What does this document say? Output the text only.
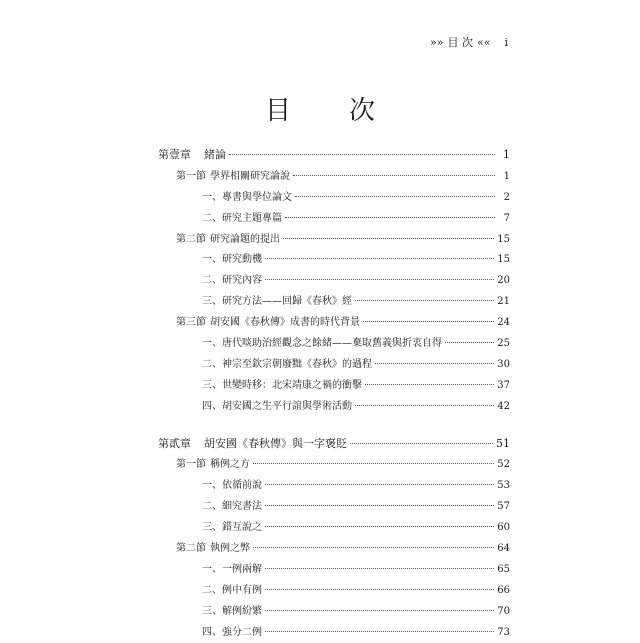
»» 目 次 «« i
目　次
第壹章	緒論	1
第一節 學界相關研究論說	1
一、 專書與學位論文	2
二、 研究主題專篇	7
第二節 研究論題的提出	15
一、 研究動機	15
二、 研究內容	20
三、 研究方法——回歸《春秋》經	21
第三節 胡安國《春秋傳》成書的時代背景	24
一、 唐代啖助治經觀念之餘緒——棄取舊義與折衷自得	25
二、 神宗至欽宗朝廢黜《春秋》的過程	30
三、 世變時移：北宋靖康之禍的衝擊	37
四、 胡安國之生平行誼與學術活動	42
第貳章	胡安國《春秋傳》與一字褒貶	51
第一節 稱例之方	52
一、 依循前說	53
二、 細究書法	57
三、 錯互說之	60
第二節 執例之弊	64
一、 一例兩解	65
二、 例中有例	66
三、 解例紛繁	70
四、 強分二例	73
